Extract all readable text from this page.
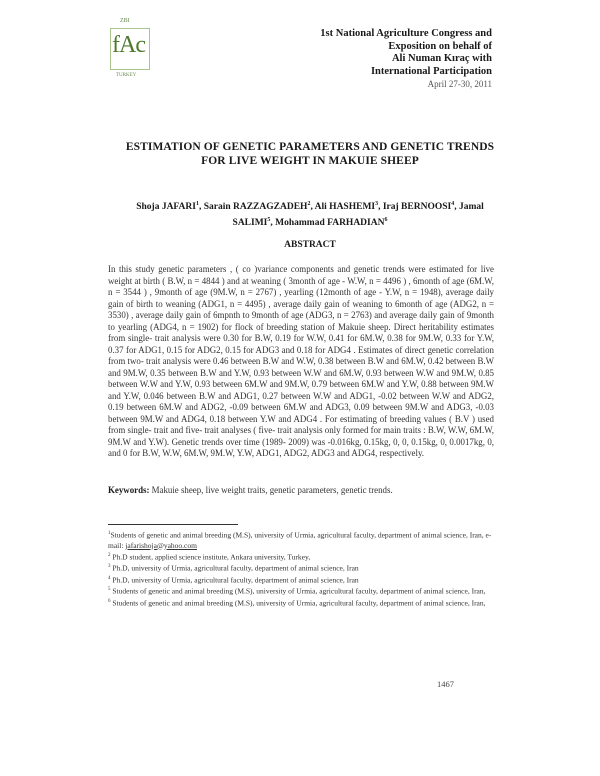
ZBI
fAc
TURKEY
1st National Agriculture Congress and
Exposition on behalf of
Ali Numan Kıraç with
International Participation
April 27-30, 2011
ESTIMATION OF GENETIC PARAMETERS AND GENETIC TRENDS
FOR LIVE WEIGHT IN MAKUIE SHEEP
Shoja JAFARI$^1$, Sarain RAZZAGZADEH$^2$, Ali HASHEMI$^3$, Iraj BERNOOSI$^4$, Jamal SALIMI$^5$, Mohammad FARHADIAN$^6$
ABSTRACT
In this study genetic parameters , ( co )variance components and genetic trends were estimated for live weight at birth ( B.W, n = 4844 ) and at weaning ( 3month of age - W.W, n = 4496 ) , 6month of age (6M.W, n = 3544 ) , 9month of age (9M.W, n = 2767) , yearling (12month of age - Y.W, n = 1948), average daily gain of birth to weaning (ADG1, n = 4495) , average daily gain of weaning to 6month of age (ADG2, n = 3530) , average daily gain of 6mpnth to 9month of age (ADG3, n = 2763) and average daily gain of 9month to yearling (ADG4, n = 1902) for flock of breeding station of Makuie sheep. Direct heritability estimates from single- trait analysis were 0.30 for B.W, 0.19 for W.W, 0.41 for 6M.W, 0.38 for 9M.W, 0.33 for Y.W, 0.37 for ADG1, 0.15 for ADG2, 0.15 for ADG3 and 0.18 for ADG4 . Estimates of direct genetic correlation from two- trait analysis were 0.46 between B.W and W.W, 0.38 between B.W and 6M.W, 0.42 between B.W and 9M.W, 0.35 between B.W and Y.W, 0.93 between W.W and 6M.W, 0.93 between W.W and 9M.W, 0.85 between W.W and Y.W, 0.93 between 6M.W and 9M.W, 0.79 between 6M.W and Y.W, 0.88 between 9M.W and Y.W, 0.046 between B.W and ADG1, 0.27 between W.W and ADG1, -0.02 between W.W and ADG2, 0.19 between 6M.W and ADG2, -0.09 between 6M.W and ADG3, 0.09 between 9M.W and ADG3, -0.03 between 9M.W and ADG4, 0.18 between Y.W and ADG4 . For estimating of breeding values ( B.V ) used from single- trait and five- trait analyses ( five- trait analysis only formed for main traits : B.W, W.W, 6M.W, 9M.W and Y.W). Genetic trends over time (1989- 2009) was -0.016kg, 0.15kg, 0, 0, 0.15kg, 0, 0.0017kg, 0, and 0 for B.W, W.W, 6M.W, 9M.W, Y.W, ADG1, ADG2, ADG3 and ADG4, respectively.
Keywords: Makuie sheep, live weight traits, genetic parameters, genetic trends.
$^1$Students of genetic and animal breeding (M.S), university of Urmia, agricultural faculty, department of animal science, Iran, e-mail: jafarishoja@yahoo.com
$^2$ Ph.D student, applied science institute, Ankara university, Turkey,
$^3$ Ph.D, university of Urmia, agricultural faculty, department of animal science, Iran
$^4$ Ph.D, university of Urmia, agricultural faculty, department of animal science, Iran
$^5$ Students of genetic and animal breeding (M.S), university of Urmia, agricultural faculty, department of animal science, Iran,
$^6$ Students of genetic and animal breeding (M.S), university of Urmia, agricultural faculty, department of animal science, Iran,
1467
